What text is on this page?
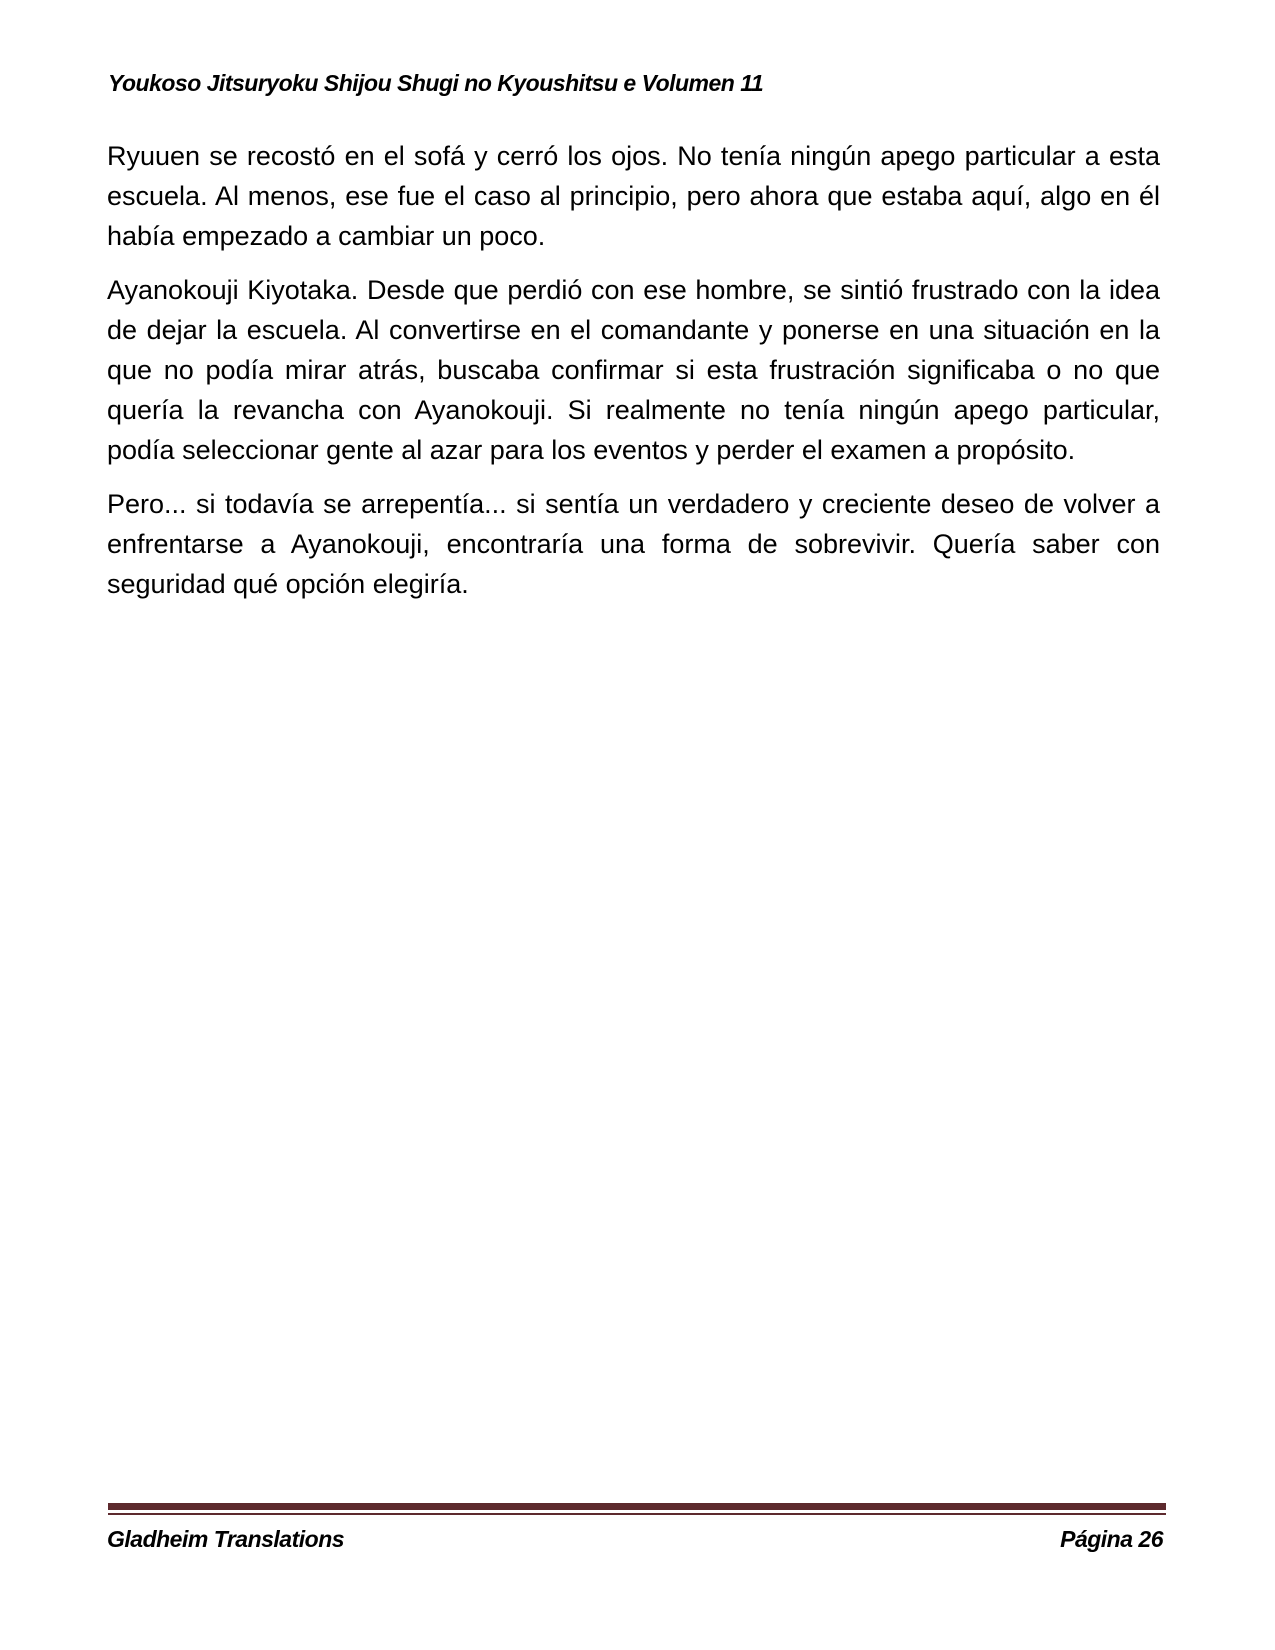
Youkoso Jitsuryoku Shijou Shugi no Kyoushitsu e Volumen 11

Ryuuen se recostó en el sofá y cerró los ojos. No tenía ningún apego particular a esta escuela. Al menos, ese fue el caso al principio, pero ahora que estaba aquí, algo en él había empezado a cambiar un poco.

Ayanokouji Kiyotaka. Desde que perdió con ese hombre, se sintió frustrado con la idea de dejar la escuela. Al convertirse en el comandante y ponerse en una situación en la que no podía mirar atrás, buscaba confirmar si esta frustración significaba o no que quería la revancha con Ayanokouji. Si realmente no tenía ningún apego particular, podía seleccionar gente al azar para los eventos y perder el examen a propósito.

Pero... si todavía se arrepentía... si sentía un verdadero y creciente deseo de volver a enfrentarse a Ayanokouji, encontraría una forma de sobrevivir. Quería saber con seguridad qué opción elegiría.

Gladheim Translations	Página 26
